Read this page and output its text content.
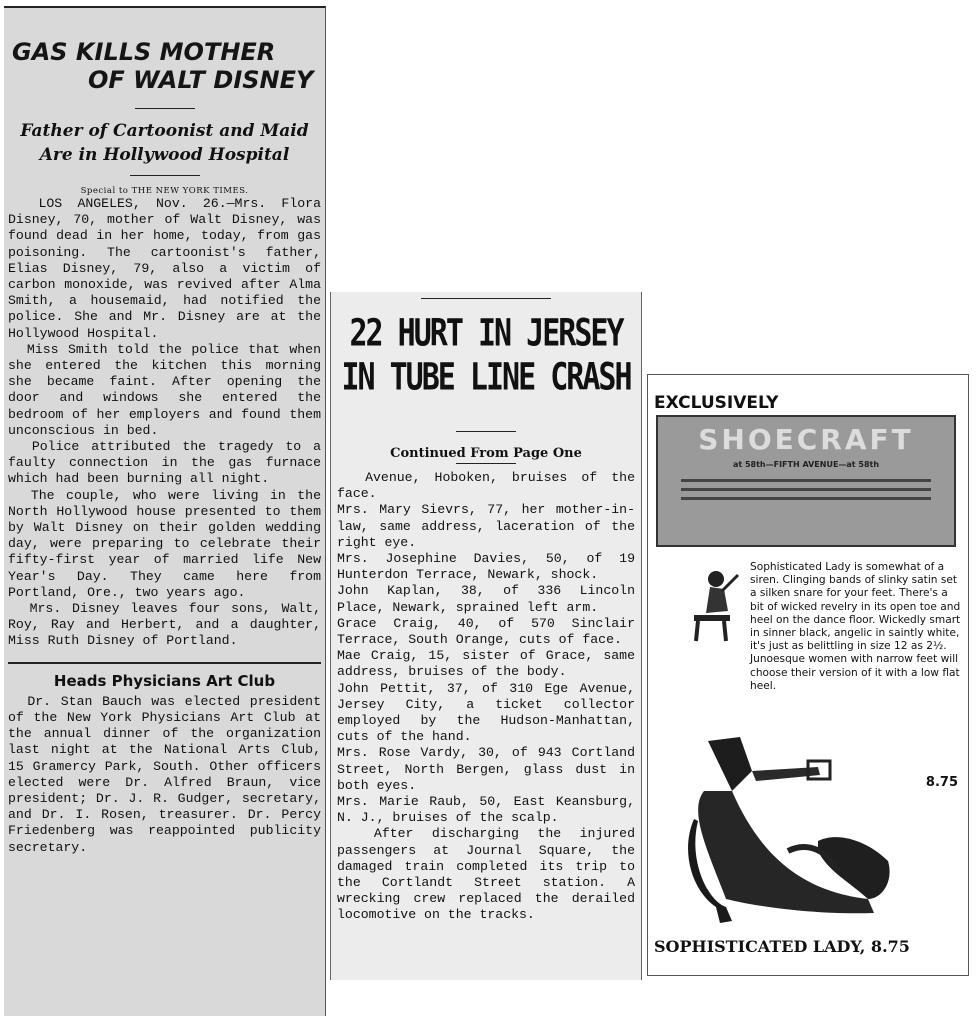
GAS KILLS MOTHER

OF WALT DISNEY

Father of Cartoonist and Maid

Are in Hollywood Hospital

Special to THE NEW YORK TIMES.

LOS ANGELES, Nov. 26.—Mrs. Flora Disney, 70, mother of Walt Disney, was found dead in her home, today, from gas poisoning. The cartoonist's father, Elias Disney, 79, also a victim of carbon monoxide, was revived after Alma Smith, a housemaid, had notified the police. She and Mr. Disney are at the Hollywood Hospital.

Miss Smith told the police that when she entered the kitchen this morning she became faint. After opening the door and windows she entered the bedroom of her employers and found them unconscious in bed.

Police attributed the tragedy to a faulty connection in the gas furnace which had been burning all night.

The couple, who were living in the North Hollywood house presented to them by Walt Disney on their golden wedding day, were preparing to celebrate their fifty-first year of married life New Year's Day. They came here from Portland, Ore., two years ago.

Mrs. Disney leaves four sons, Walt, Roy, Ray and Herbert, and a daughter, Miss Ruth Disney of Portland.

Heads Physicians Art Club

Dr. Stan Bauch was elected president of the New York Physicians Art Club at the annual dinner of the organization last night at the National Arts Club, 15 Gramercy Park, South. Other officers elected were Dr. Alfred Braun, vice president; Dr. J. R. Gudger, secretary, and Dr. I. Rosen, treasurer. Dr. Percy Friedenberg was reappointed publicity secretary.

22 HURT IN JERSEY

IN TUBE LINE CRASH

Continued From Page One

Avenue, Hoboken, bruises of the face.

Mrs. Mary Sievrs, 77, her mother-in-law, same address, laceration of the right eye.

Mrs. Josephine Davies, 50, of 19 Hunterdon Terrace, Newark, shock.

John Kaplan, 38, of 336 Lincoln Place, Newark, sprained left arm.

Grace Craig, 40, of 570 Sinclair Terrace, South Orange, cuts of face.

Mae Craig, 15, sister of Grace, same address, bruises of the body.

John Pettit, 37, of 310 Ege Avenue, Jersey City, a ticket collector employed by the Hudson-Manhattan, cuts of the hand.

Mrs. Rose Vardy, 30, of 943 Cortland Street, North Bergen, glass dust in both eyes.

Mrs. Marie Raub, 50, East Keansburg, N. J., bruises of the scalp.

After discharging the injured passengers at Journal Square, the damaged train completed its trip to the Cortlandt Street station. A wrecking crew replaced the derailed locomotive on the tracks.

EXCLUSIVELY
SHOECRAFT
at 58th—FIFTH AVENUE—at 58th

Sophisticated Lady is somewhat of a siren. Clinging bands of slinky satin set a silken snare for your feet. There's a bit of wicked revelry in its open toe and heel on the dance floor. Wickedly smart in sinner black, angelic in saintly white, it's just as belittling in size 12 as 2½. Junoesque women with narrow feet will choose their version of it with a low flat heel.

8.75
SOPHISTICATED LADY, 8.75
